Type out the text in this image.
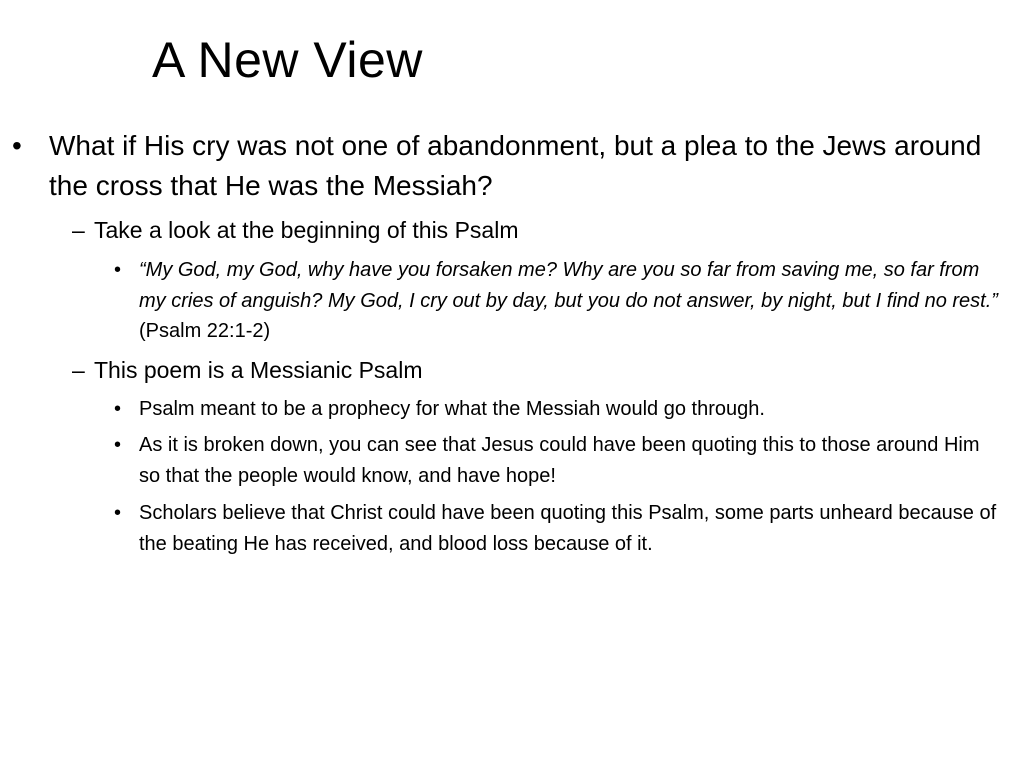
A New View
• What if His cry was not one of abandonment, but a plea to the Jews around the cross that He was the Messiah?
– Take a look at the beginning of this Psalm
• “My God, my God, why have you forsaken me? Why are you so far from saving me, so far from my cries of anguish? My God, I cry out by day, but you do not answer, by night, but I find no rest.” (Psalm 22:1-2)
– This poem is a Messianic Psalm
• Psalm meant to be a prophecy for what the Messiah would go through.
• As it is broken down, you can see that Jesus could have been quoting this to those around Him so that the people would know, and have hope!
• Scholars believe that Christ could have been quoting this Psalm, some parts unheard because of the beating He has received, and blood loss because of it.
